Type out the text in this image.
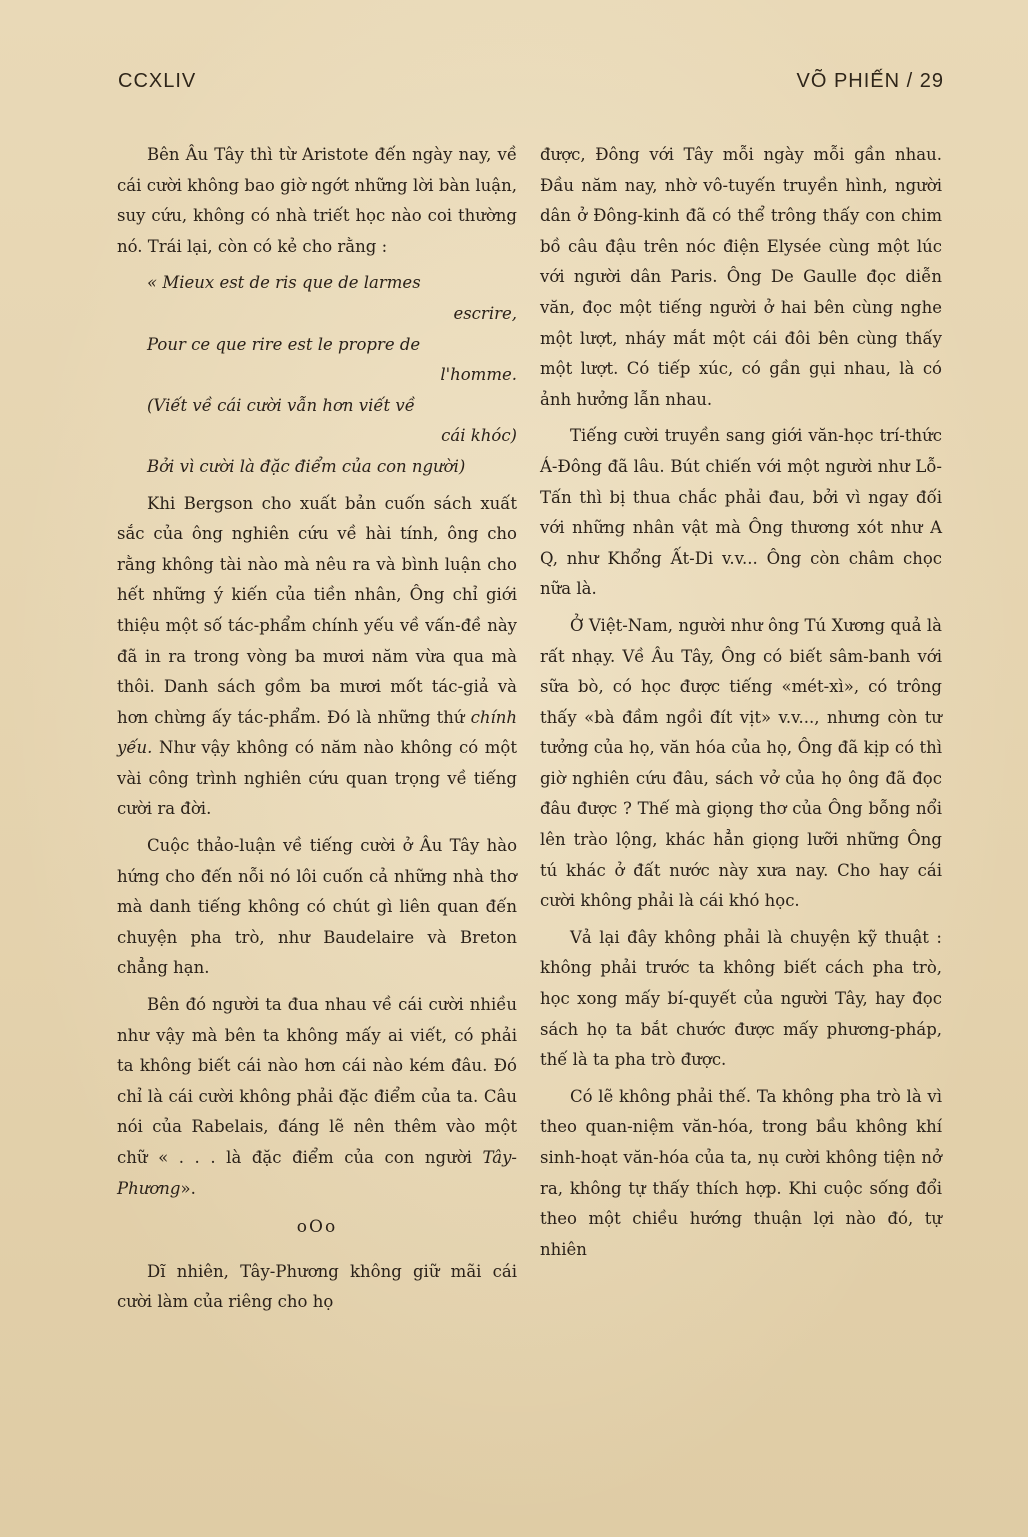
CCXLIV	VÕ PHIẾN / 29

Bên Âu Tây thì từ Aristote đến ngày nay, về cái cười không bao giờ ngớt những lời bàn luận, suy cứu, không có nhà triết học nào coi thường nó. Trái lại, còn có kẻ cho rằng :

« Mieux est de ris que de larmes
escrire,
Pour ce que rire est le propre de
l'homme.
(Viết về cái cười vẫn hơn viết về
cái khóc)
Bởi vì cười là đặc điểm của con người)

Khi Bergson cho xuất bản cuốn sách xuất sắc của ông nghiên cứu về hài tính, ông cho rằng không tài nào mà nêu ra và bình luận cho hết những ý kiến của tiền nhân, Ông chỉ giới thiệu một số tác-phẩm chính yếu về vấn-đề này đã in ra trong vòng ba mươi năm vừa qua mà thôi. Danh sách gồm ba mươi mốt tác-giả và hơn chừng ấy tác-phẩm. Đó là những thứ chính yếu. Như vậy không có năm nào không có một vài công trình nghiên cứu quan trọng về tiếng cười ra đời.

Cuộc thảo-luận về tiếng cười ở Âu Tây hào hứng cho đến nỗi nó lôi cuốn cả những nhà thơ mà danh tiếng không có chút gì liên quan đến chuyện pha trò, như Baudelaire và Breton chẳng hạn.

Bên đó người ta đua nhau về cái cười nhiều như vậy mà bên ta không mấy ai viết, có phải ta không biết cái nào hơn cái nào kém đâu. Đó chỉ là cái cười không phải đặc điểm của ta. Câu nói của Rabelais, đáng lẽ nên thêm vào một chữ « . . . là đặc điểm của con người Tây-Phương».

oOo

Dĩ nhiên, Tây-Phương không giữ mãi cái cười làm của riêng cho họ

được, Đông với Tây mỗi ngày mỗi gần nhau. Đầu năm nay, nhờ vô-tuyến truyền hình, người dân ở Đông-kinh đã có thể trông thấy con chim bồ câu đậu trên nóc điện Elysée cùng một lúc với người dân Paris. Ông De Gaulle đọc diễn văn, đọc một tiếng người ở hai bên cùng nghe một lượt, nháy mắt một cái đôi bên cùng thấy một lượt. Có tiếp xúc, có gần gụi nhau, là có ảnh hưởng lẫn nhau.

Tiếng cười truyền sang giới văn-học trí-thức Á-Đông đã lâu. Bút chiến với một người như Lỗ-Tấn thì bị thua chắc phải đau, bởi vì ngay đối với những nhân vật mà Ông thương xót như A Q, như Khổng Ất-Di v.v... Ông còn châm chọc nữa là.

Ở Việt-Nam, người như ông Tú Xương quả là rất nhạy. Về Âu Tây, Ông có biết sâm-banh với sữa bò, có học được tiếng «mét-xì», có trông thấy «bà đầm ngồi đít vịt» v.v..., nhưng còn tư tưởng của họ, văn hóa của họ, Ông đã kịp có thì giờ nghiên cứu đâu, sách vở của họ ông đã đọc đâu được ? Thế mà giọng thơ của Ông bỗng nổi lên trào lộng, khác hẳn giọng lưỡi những Ông tú khác ở đất nước này xưa nay. Cho hay cái cười không phải là cái khó học.

Vả lại đây không phải là chuyện kỹ thuật : không phải trước ta không biết cách pha trò, học xong mấy bí-quyết của người Tây, hay đọc sách họ ta bắt chước được mấy phương-pháp, thế là ta pha trò được.

Có lẽ không phải thế. Ta không pha trò là vì theo quan-niệm văn-hóa, trong bầu không khí sinh-hoạt văn-hóa của ta, nụ cười không tiện nở ra, không tự thấy thích hợp. Khi cuộc sống đổi theo một chiều hướng thuận lợi nào đó, tự nhiên
